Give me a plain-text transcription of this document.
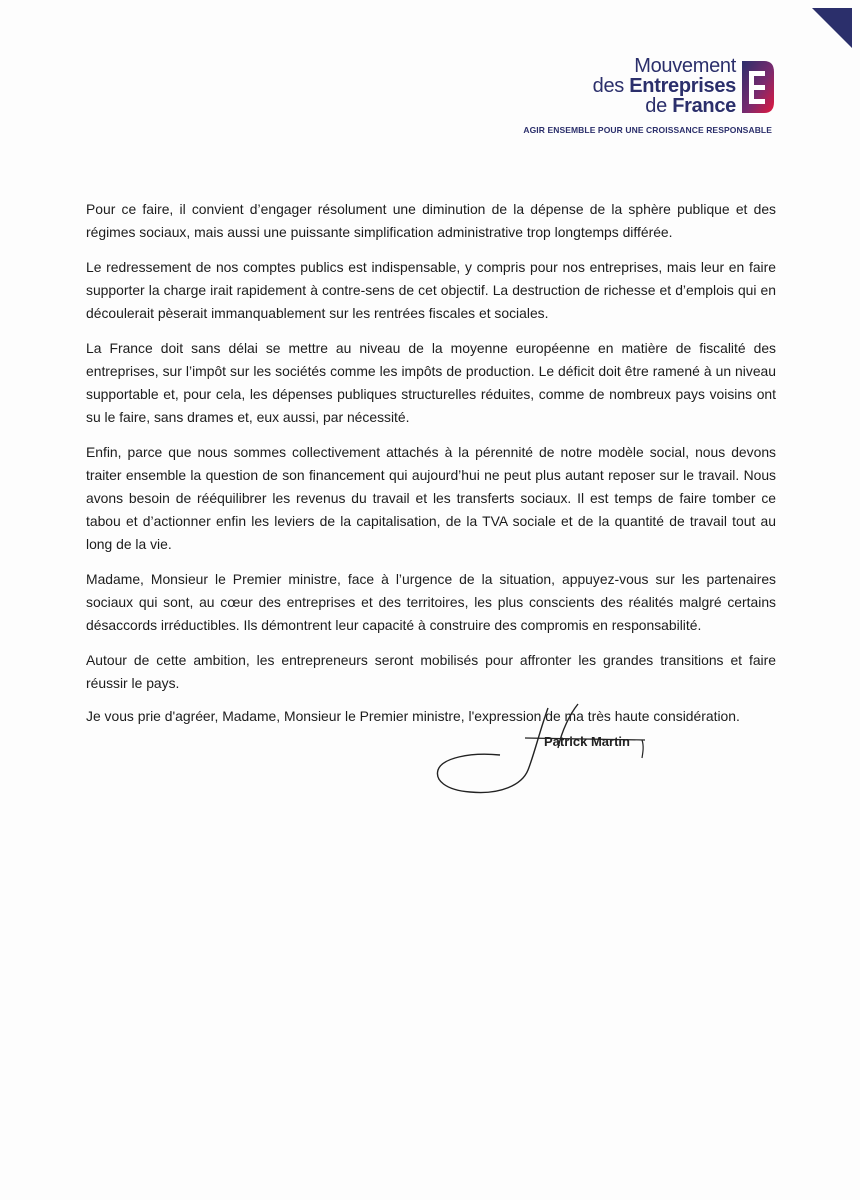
Mouvement
des Entreprises
de France
AGIR ENSEMBLE POUR UNE CROISSANCE RESPONSABLE

Pour ce faire, il convient d’engager résolument une diminution de la dépense de la sphère publique et des régimes sociaux, mais aussi une puissante simplification administrative trop longtemps différée.

Le redressement de nos comptes publics est indispensable, y compris pour nos entreprises, mais leur en faire supporter la charge irait rapidement à contre-sens de cet objectif. La destruction de richesse et d’emplois qui en découlerait pèserait immanquablement sur les rentrées fiscales et sociales.

La France doit sans délai se mettre au niveau de la moyenne européenne en matière de fiscalité des entreprises, sur l’impôt sur les sociétés comme les impôts de production. Le déficit doit être ramené à un niveau supportable et, pour cela, les dépenses publiques structurelles réduites, comme de nombreux pays voisins ont su le faire, sans drames et, eux aussi, par nécessité.

Enfin, parce que nous sommes collectivement attachés à la pérennité de notre modèle social, nous devons traiter ensemble la question de son financement qui aujourd’hui ne peut plus autant reposer sur le travail. Nous avons besoin de rééquilibrer les revenus du travail et les transferts sociaux. Il est temps de faire tomber ce tabou et d’actionner enfin les leviers de la capitalisation, de la TVA sociale et de la quantité de travail tout au long de la vie.

Madame, Monsieur le Premier ministre, face à l’urgence de la situation, appuyez-vous sur les partenaires sociaux qui sont, au cœur des entreprises et des territoires, les plus conscients des réalités malgré certains désaccords irréductibles. Ils démontrent leur capacité à construire des compromis en responsabilité.

Autour de cette ambition, les entrepreneurs seront mobilisés pour affronter les grandes transitions et faire réussir le pays.

Je vous prie d'agréer, Madame, Monsieur le Premier ministre, l'expression de ma très haute considération.

Patrick Martin
